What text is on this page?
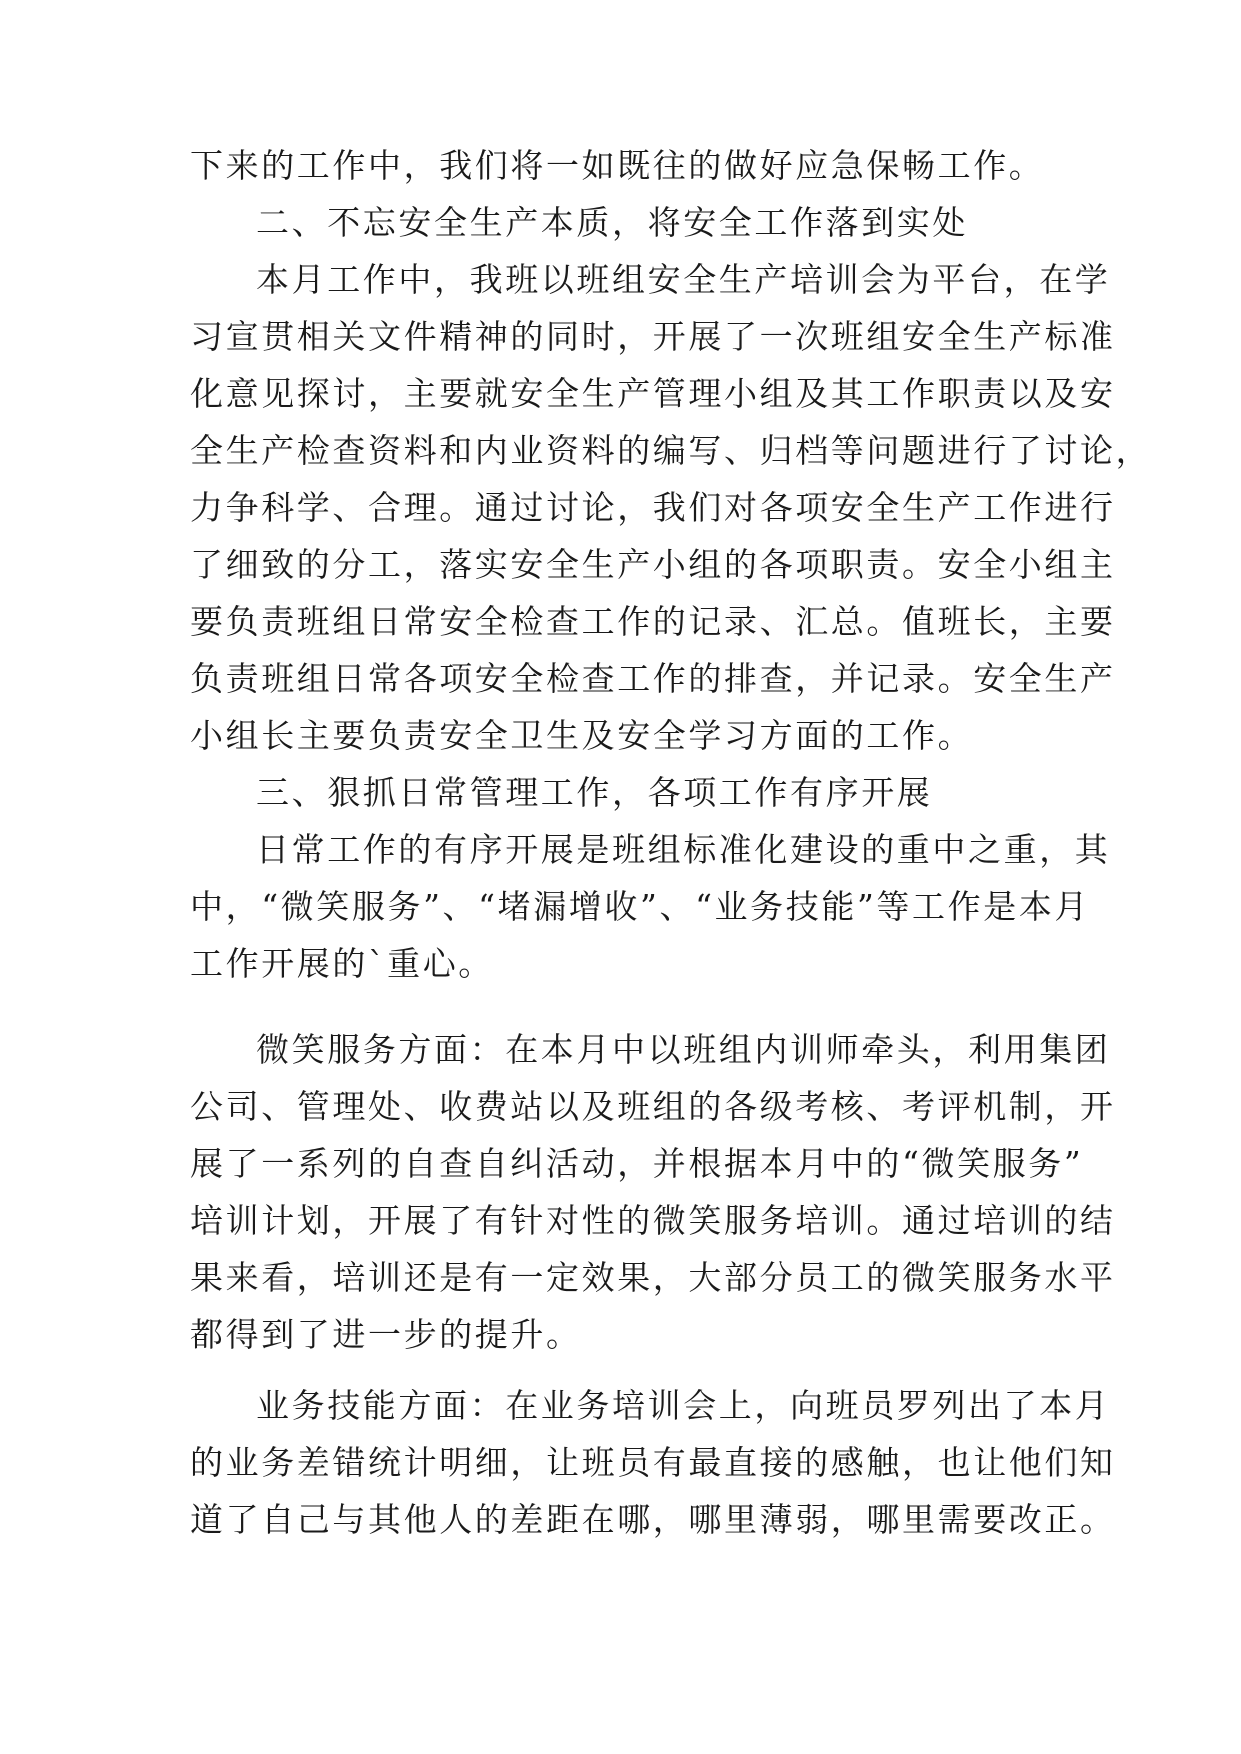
下来的工作中，我们将一如既往的做好应急保畅工作。
二、不忘安全生产本质，将安全工作落到实处
本月工作中，我班以班组安全生产培训会为平台，在学
习宣贯相关文件精神的同时，开展了一次班组安全生产标准
化意见探讨，主要就安全生产管理小组及其工作职责以及安
全生产检查资料和内业资料的编写、归档等问题进行了讨论，
力争科学、合理。通过讨论，我们对各项安全生产工作进行
了细致的分工，落实安全生产小组的各项职责。安全小组主
要负责班组日常安全检查工作的记录、汇总。值班长，主要
负责班组日常各项安全检查工作的排查，并记录。安全生产
小组长主要负责安全卫生及安全学习方面的工作。
三、狠抓日常管理工作，各项工作有序开展
日常工作的有序开展是班组标准化建设的重中之重，其
中，“微笑服务”、“堵漏增收”、“业务技能”等工作是本月
工作开展的`重心。
微笑服务方面：在本月中以班组内训师牵头，利用集团
公司、管理处、收费站以及班组的各级考核、考评机制，开
展了一系列的自查自纠活动，并根据本月中的“微笑服务”
培训计划，开展了有针对性的微笑服务培训。通过培训的结
果来看，培训还是有一定效果，大部分员工的微笑服务水平
都得到了进一步的提升。
业务技能方面：在业务培训会上，向班员罗列出了本月
的业务差错统计明细，让班员有最直接的感触，也让他们知
道了自己与其他人的差距在哪，哪里薄弱，哪里需要改正。
